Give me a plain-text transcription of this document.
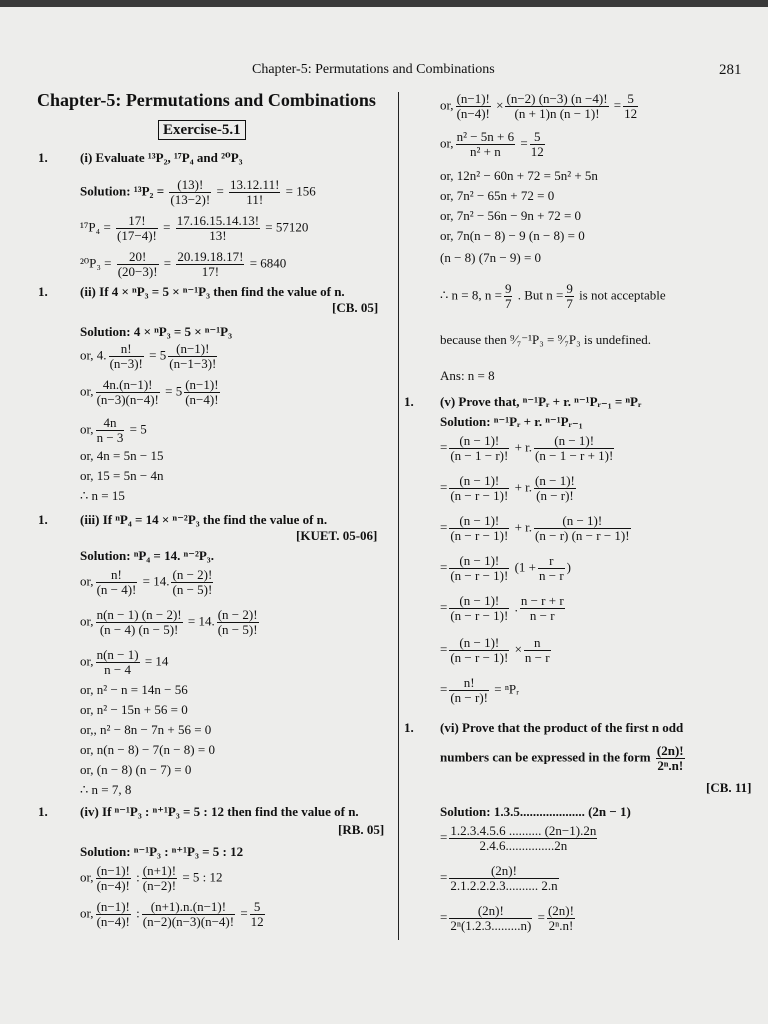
Chapter-5: Permutations and Combinations	281
Chapter-5: Permutations and Combinations
Exercise-5.1
1. (i) Evaluate ¹³P₂, ¹⁷P₄ and ²⁰P₃
Solution: $^{13}P_2 = \frac{(13)!}{(13-2)!} = \frac{13.12.11!}{11!} = 156$
$^{17}P_4 = \frac{17!}{(17-4)!} = \frac{17.16.15.14.13!}{13!} = 57120$
$^{20}P_3 = \frac{20!}{(20-3)!} = \frac{20.19.18.17!}{17!} = 6840$
1. (ii) If 4 × ⁿP₃ = 5 × ⁿ⁻¹P₃ then find the value of n.
[CB. 05]
Solution: 4 × ⁿP₃ = 5 × ⁿ⁻¹P₃
or, 4. $\frac{n!}{(n-3)!} = 5 \frac{(n-1)!}{(n-1-3)!}$
or, $\frac{4n.(n-1)!}{(n-3)(n-4)!} = 5 \frac{(n-1)!}{(n-4)!}$
or, $\frac{4n}{n - 3} = 5$
or, 4n = 5n − 15
or, 15 = 5n − 4n
∴ n = 15
1. (iii) If ⁿP₄ = 14 × ⁿ⁻²P₃ the find the value of n.
[KUET. 05-06]
Solution: ⁿP₄ = 14. ⁿ⁻²P₃.
or, $\frac{n!}{(n - 4)!} = 14$. $\frac{(n - 2)!}{(n - 5)!}$
or, $\frac{n(n - 1) (n - 2)!}{(n - 4) (n - 5)!} = 14$. $\frac{(n - 2)!}{(n - 5)!}$
or, $\frac{n(n - 1)}{n - 4} = 14$
or, n² − n = 14n − 56
or, n² − 15n + 56 = 0
or,, n² − 8n − 7n + 56 = 0
or, n(n − 8) − 7(n − 8) = 0
or, (n − 8) (n − 7) = 0
∴ n = 7, 8
1. (iv) If ⁿ⁻¹P₃ : ⁿ⁺¹P₃ = 5 : 12 then find the value of n.
[RB. 05]
Solution: ⁿ⁻¹P₃ : ⁿ⁺¹P₃ = 5 : 12
or, $\frac{(n-1)!}{(n-4)!}$ : $\frac{(n+1)!}{(n-2)!} = 5$ : 12
or, $\frac{(n-1)!}{(n-4)!}$ : $\frac{(n+1).n.(n-1)!}{(n-2)(n-3)(n-4)!} = \frac{5}{12}$
or, $\frac{(n-1)!}{(n-4)!} \times \frac{(n-2) (n-3) (n -4)!}{(n + 1)n (n - 1)!} = \frac{5}{12}$
or, $\frac{\text{n² − 5n + 6}}{\text{n² + n}} = \frac{5}{12}$
or, 12n² − 60n + 72 = 5n² + 5n
or, 7n² − 65n + 72 = 0
or, 7n² − 56n − 9n + 72 = 0
or, 7n(n − 8) − 9 (n − 8) = 0
(n − 8) (7n − 9) = 0
∴ n = 8, $n = \frac{9}{7}$ . But $n = \frac{9}{7}$ is not acceptable
because then ⁹⁄₇⁻¹P₃ = ⁹⁄₇P₃ is undefined.
Ans: n = 8
1. (v) Prove that, ⁿ⁻¹Pᵣ + r. ⁿ⁻¹Pᵣ₋₁ = ⁿPᵣ
Solution: ⁿ⁻¹Pᵣ + r. ⁿ⁻¹Pᵣ₋₁
= $\frac{(n - 1)!}{(n - 1 - r)!} + r$. $\frac{(n - 1)!}{(n - 1 - r + 1)!}$
= $\frac{(n - 1)!}{(n - r - 1)!} + r$. $\frac{(n - 1)!}{(n - r)!}$
= $\frac{(n - 1)!}{(n - r - 1)!} + r$. $\frac{(n - 1)!}{(n - r) (n - r - 1)!}$
= $\frac{(n - 1)!}{(n - r - 1)!} (1 + \frac{r}{n - r}$ )
= $\frac{(n - 1)!}{(n - r - 1)!}$ . $\frac{n - r + r}{n - r}$
= $\frac{(n - 1)!}{(n - r - 1)!} \times \frac{n}{n - r}$
= $\frac{n!}{(n - r)!}$ = ⁿPᵣ
1. (vi) Prove that the product of the first n odd
numbers can be expressed in the form $\frac{(2n)!}{\text{2ⁿ.n!}}$
[CB. 11]
Solution: 1.3.5.................... (2n − 1)
= $\frac{1.2.3.4.5.6 .......... (2n-1).2n}{2.4.6...............2n}$
= $\frac{(2n)!}{2.1.2.2.2.3.......... 2.n}$
= $\frac{(2n)!}{\text{2ⁿ(1.2.3.........n)}} = \frac{(2n)!}{\text{2ⁿ.n!}}$
